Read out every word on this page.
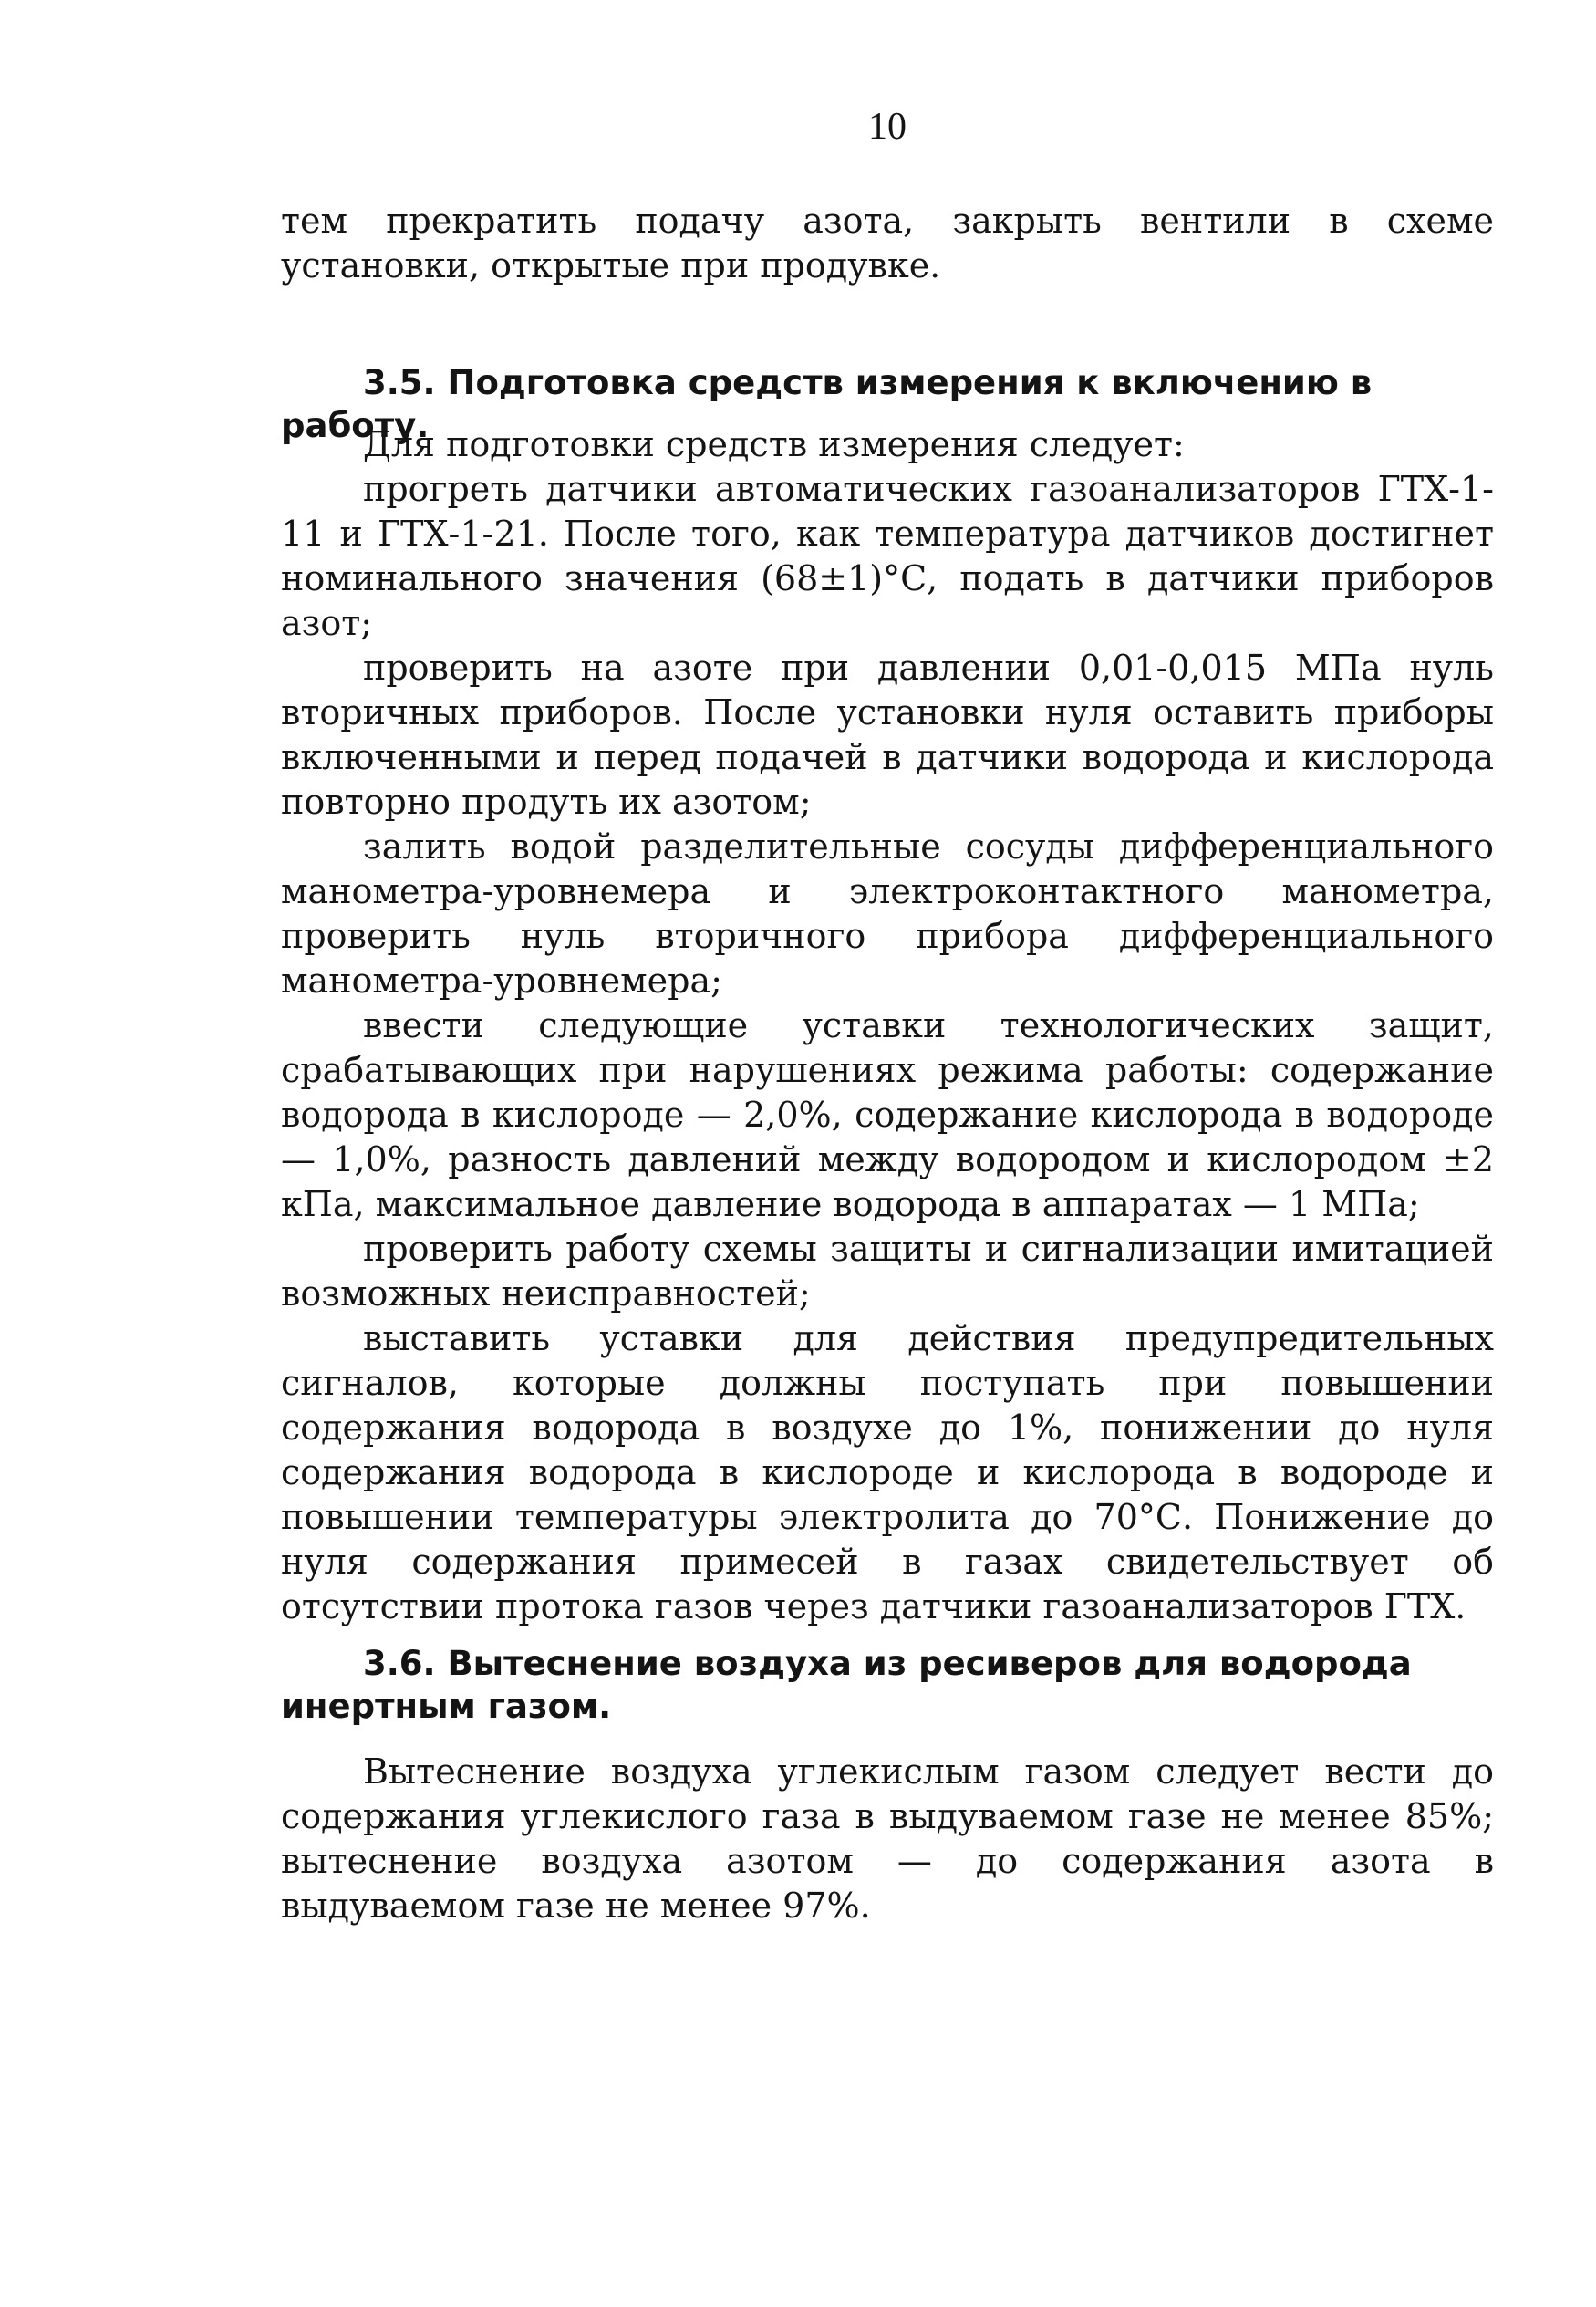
10

тем прекратить подачу азота, закрыть вентили в схеме установки, открытые при продувке.

3.5. Подготовка средств измерения к включению в работу.

Для подготовки средств измерения следует:

прогреть датчики автоматических газоанализаторов ГТХ-1-11 и ГТХ-1-21. После того, как температура датчиков достигнет номинального значения (68±1)°С, подать в датчики приборов азот;

проверить на азоте при давлении 0,01-0,015 МПа нуль вторичных приборов. После установки нуля оставить приборы включенными и перед подачей в датчики водорода и кислорода повторно продуть их азотом;

залить водой разделительные сосуды дифференциального манометра-уровнемера и электроконтактного манометра, проверить нуль вторичного прибора дифференциального манометра-уровнемера;

ввести следующие уставки технологических защит, срабатывающих при нарушениях режима работы: содержание водорода в кислороде — 2,0%, содержание кислорода в водороде — 1,0%, разность давлений между водородом и кислородом ±2 кПа, максимальное давление водорода в аппаратах — 1 МПа;

проверить работу схемы защиты и сигнализации имитацией возможных неисправностей;

выставить уставки для действия предупредительных сигналов, которые должны поступать при повышении содержания водорода в воздухе до 1%, понижении до нуля содержания водорода в кислороде и кислорода в водороде и повышении температуры электролита до 70°С. Понижение до нуля содержания примесей в газах свидетельствует об отсутствии протока газов через датчики газоанализаторов ГТХ.

3.6. Вытеснение воздуха из ресиверов для водорода инертным газом.

Вытеснение воздуха углекислым газом следует вести до содержания углекислого газа в выдуваемом газе не менее 85%; вытеснение воздуха азотом — до содержания азота в выдуваемом газе не менее 97%.
